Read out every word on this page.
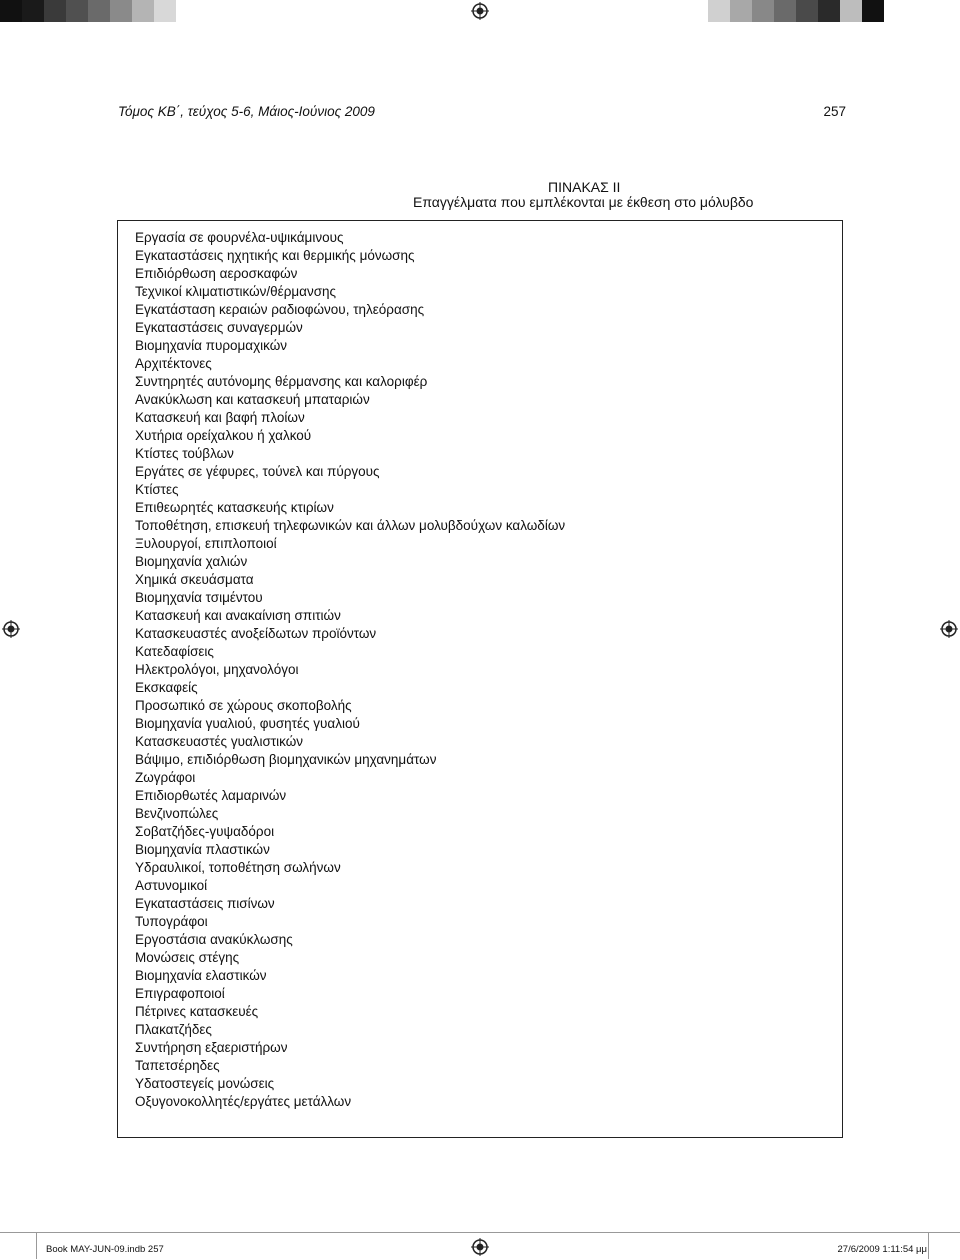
Τόμος ΚΒ΄, τεύχος 5-6, Μάιος-Ιούνιος 2009	257
ΠΙΝΑΚΑΣ ΙΙ
Επαγγέλματα που εμπλέκονται με έκθεση στο μόλυβδο
Εργασία σε φουρνέλα-υψικάμινους
Εγκαταστάσεις ηχητικής και θερμικής μόνωσης
Επιδιόρθωση αεροσκαφών
Τεχνικοί κλιματιστικών/θέρμανσης
Εγκατάσταση κεραιών ραδιοφώνου, τηλεόρασης
Εγκαταστάσεις συναγερμών
Βιομηχανία πυρομαχικών
Αρχιτέκτονες
Συντηρητές αυτόνομης θέρμανσης και καλοριφέρ
Ανακύκλωση και κατασκευή μπαταριών
Κατασκευή και βαφή πλοίων
Χυτήρια ορείχαλκου ή χαλκού
Κτίστες τούβλων
Εργάτες σε γέφυρες, τούνελ και πύργους
Κτίστες
Επιθεωρητές κατασκευής κτιρίων
Τοποθέτηση, επισκευή τηλεφωνικών και άλλων μολυβδούχων καλωδίων
Ξυλουργοί, επιπλοποιοί
Βιομηχανία χαλιών
Χημικά σκευάσματα
Βιομηχανία τσιμέντου
Κατασκευή και ανακαίνιση σπιτιών
Κατασκευαστές ανοξείδωτων προϊόντων
Κατεδαφίσεις
Ηλεκτρολόγοι, μηχανολόγοι
Εκσκαφείς
Προσωπικό σε χώρους σκοποβολής
Βιομηχανία γυαλιού, φυσητές γυαλιού
Κατασκευαστές γυαλιστικών
Βάψιμο, επιδιόρθωση βιομηχανικών μηχανημάτων
Ζωγράφοι
Επιδιορθωτές λαμαρινών
Βενζινοπώλες
Σοβατζήδες-γυψαδόροι
Βιομηχανία πλαστικών
Υδραυλικοί, τοποθέτηση σωλήνων
Αστυνομικοί
Εγκαταστάσεις πισίνων
Τυπογράφοι
Εργοστάσια ανακύκλωσης
Μονώσεις στέγης
Βιομηχανία ελαστικών
Επιγραφοποιοί
Πέτρινες κατασκευές
Πλακατζήδες
Συντήρηση εξαεριστήρων
Ταπετσέρηδες
Υδατοστεγείς μονώσεις
Οξυγονοκολλητές/εργάτες μετάλλων
Book MAY-JUN-09.indb 257	27/6/2009 1:11:54 μμ
